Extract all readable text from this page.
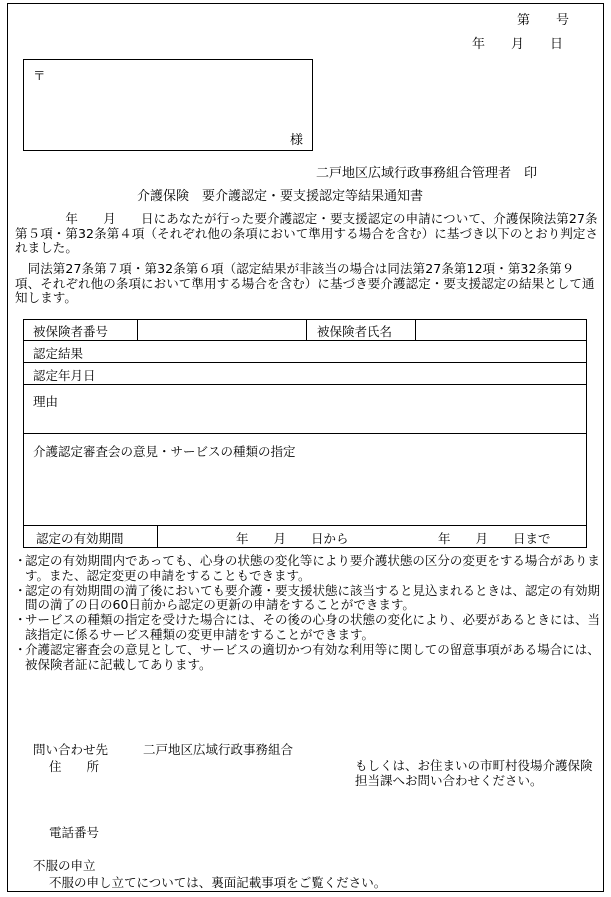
第　　号
年　　月　　日
〒
様
二戸地区広域行政事務組合管理者　印
介護保険　要介護認定・要支援認定等結果通知書
　　　　年　　月　　日にあなたが行った要介護認定・要支援認定の申請について、介護保険法第27条第５項・第32条第４項（それぞれ他の条項において準用する場合を含む）に基づき以下のとおり判定されました。
　同法第27条第７項・第32条第６項（認定結果が非該当の場合は同法第27条第12項・第32条第９項、それぞれ他の条項において準用する場合を含む）に基づき要介護認定・要支援認定の結果として通知します。
被保険者番号	被保険者氏名
認定結果
認定年月日
理由
介護認定審査会の意見・サービスの種類の指定
認定の有効期間	年　　月　　日から	年　　月　　日まで
・
認定の有効期間内であっても、心身の状態の変化等により要介護状態の区分の変更をする場合があります。また、認定変更の申請をすることもできます。
・
認定の有効期間の満了後においても要介護・要支援状態に該当すると見込まれるときは、認定の有効期間の満了の日の60日前から認定の更新の申請をすることができます。
・
サービスの種類の指定を受けた場合には、その後の心身の状態の変化により、必要があるときには、当該指定に係るサービス種類の変更申請をすることができます。
・
介護認定審査会の意見として、サービスの適切かつ有効な利用等に関しての留意事項がある場合には、被保険者証に記載してあります。
問い合わせ先	二戸地区広域行政事務組合
住　　所	もしくは、お住まいの市町村役場介護保険担当課へお問い合わせください。
電話番号
不服の申立
不服の申し立てについては、裏面記載事項をご覧ください。
